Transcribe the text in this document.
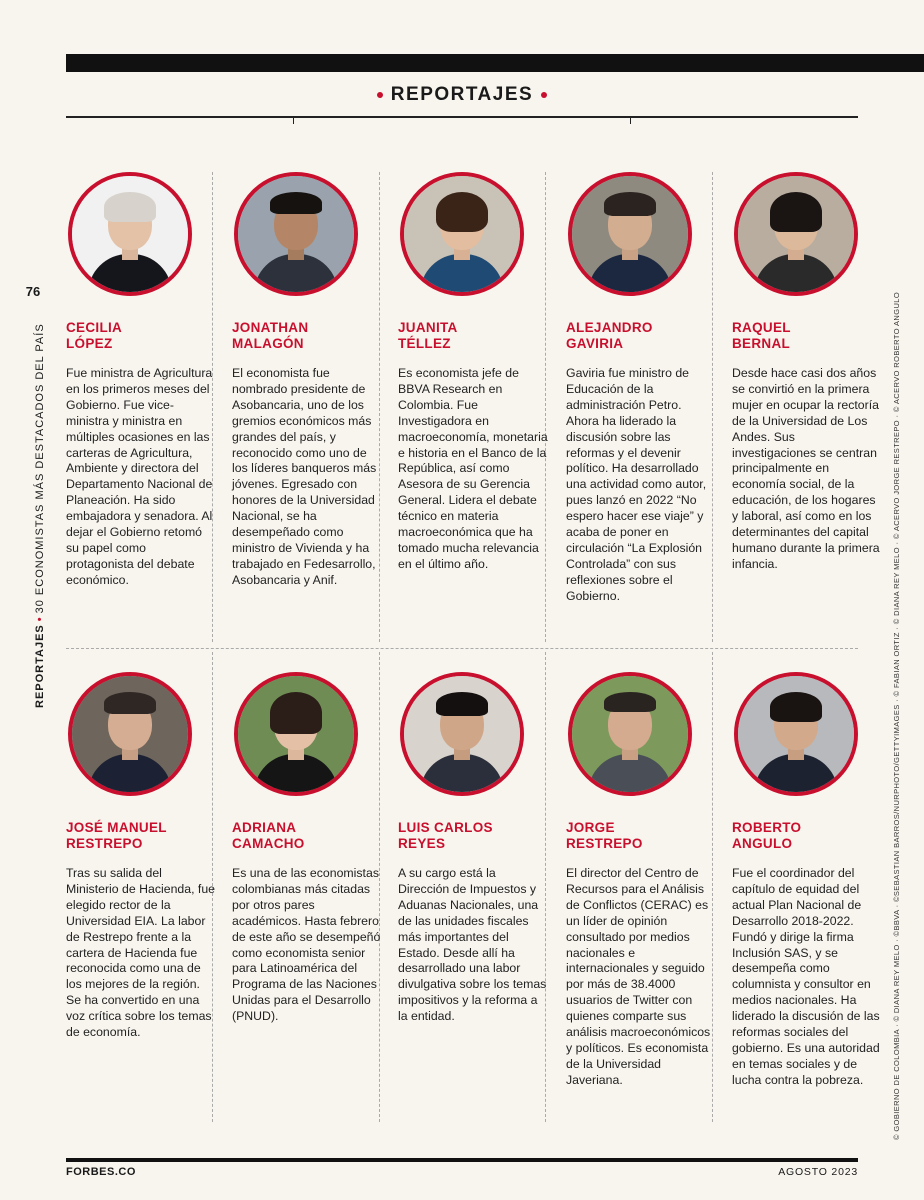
REPORTAJES
76
REPORTAJES•30 ECONOMISTAS MÁS DESTACADOS DEL PAÍS	© GOBIERNO DE COLOMBIA · © DIANA REY MELO · ©BBVA · ©SEBASTIAN BARROS/NURPHOTO/GETTYIMAGES · © FABIAN ORTIZ · © DIANA REY MELO · © ACERVO JORGE RESTREPO · © ACERVO ROBERTO ANGULO
CECILIA
LÓPEZ
Fue ministra de Agricultura en los primeros meses del Gobierno. Fue vice-ministra y ministra en múltiples ocasiones en las carteras de Agricultura, Ambiente y directora del Departamento Nacional de Planeación. Ha sido embajadora y senadora. Al dejar el Gobierno retomó su papel como protagonista del debate económico.
JONATHAN
MALAGÓN
El economista fue nombrado presidente de Asobancaria, uno de los gremios económicos más grandes del país, y reconocido como uno de los líderes banqueros más jóvenes. Egresado con honores de la Universidad Nacional, se ha desempeñado como ministro de Vivienda y ha trabajado en Fedesarrollo, Asobancaria y Anif.
JUANITA
TÉLLEZ
Es economista jefe de BBVA Research en Colombia. Fue Investigadora en macroeconomía, monetaria e historia en el Banco de la República, así como Asesora de su Gerencia General. Lidera el debate técnico en materia macroeconómica que ha tomado mucha relevancia en el último año.
ALEJANDRO
GAVIRIA
Gaviria fue ministro de Educación de la administración Petro. Ahora ha liderado la discusión sobre las reformas y el devenir político. Ha desarrollado una actividad como autor, pues lanzó en 2022 “No espero hacer ese viaje” y acaba de poner en circulación “La Explosión Controlada” con sus reflexiones sobre el Gobierno.
RAQUEL
BERNAL
Desde hace casi dos años se convirtió en la primera mujer en ocupar la rectoría de la Universidad de Los Andes. Sus investigaciones se centran principalmente en economía social, de la educación, de los hogares y laboral, así como en los determinantes del capital humano durante la primera infancia.
JOSÉ MANUEL
RESTREPO
Tras su salida del Ministerio de Hacienda, fue elegido rector de la Universidad EIA. La labor de Restrepo frente a la cartera de Hacienda fue reconocida como una de los mejores de la región. Se ha convertido en una voz crítica sobre los temas de economía.
ADRIANA
CAMACHO
Es una de las economistas colombianas más citadas por otros pares académicos. Hasta febrero de este año se desempeñó como economista senior para Latinoamérica del Programa de las Naciones Unidas para el Desarrollo (PNUD).
LUIS CARLOS
REYES
A su cargo está la Dirección de Impuestos y Aduanas Nacionales, una de las unidades fiscales más importantes del Estado. Desde allí ha desarrollado una labor divulgativa sobre los temas impositivos y la reforma a la entidad.
JORGE
RESTREPO
El director del Centro de Recursos para el Análisis de Conflictos (CERAC) es un líder de opinión consultado por medios nacionales e internacionales y seguido por más de 38.4000 usuarios de Twitter con quienes comparte sus análisis macroeconómicos y políticos. Es economista de la Universidad Javeriana.
ROBERTO
ANGULO
Fue el coordinador del capítulo de equidad del actual Plan Nacional de Desarrollo 2018-2022. Fundó y dirige la firma Inclusión SAS, y se desempeña como columnista y consultor en medios nacionales. Ha liderado la discusión de las reformas sociales del gobierno. Es una autoridad en temas sociales y de lucha contra la pobreza.
FORBES.CO	AGOSTO 2023
